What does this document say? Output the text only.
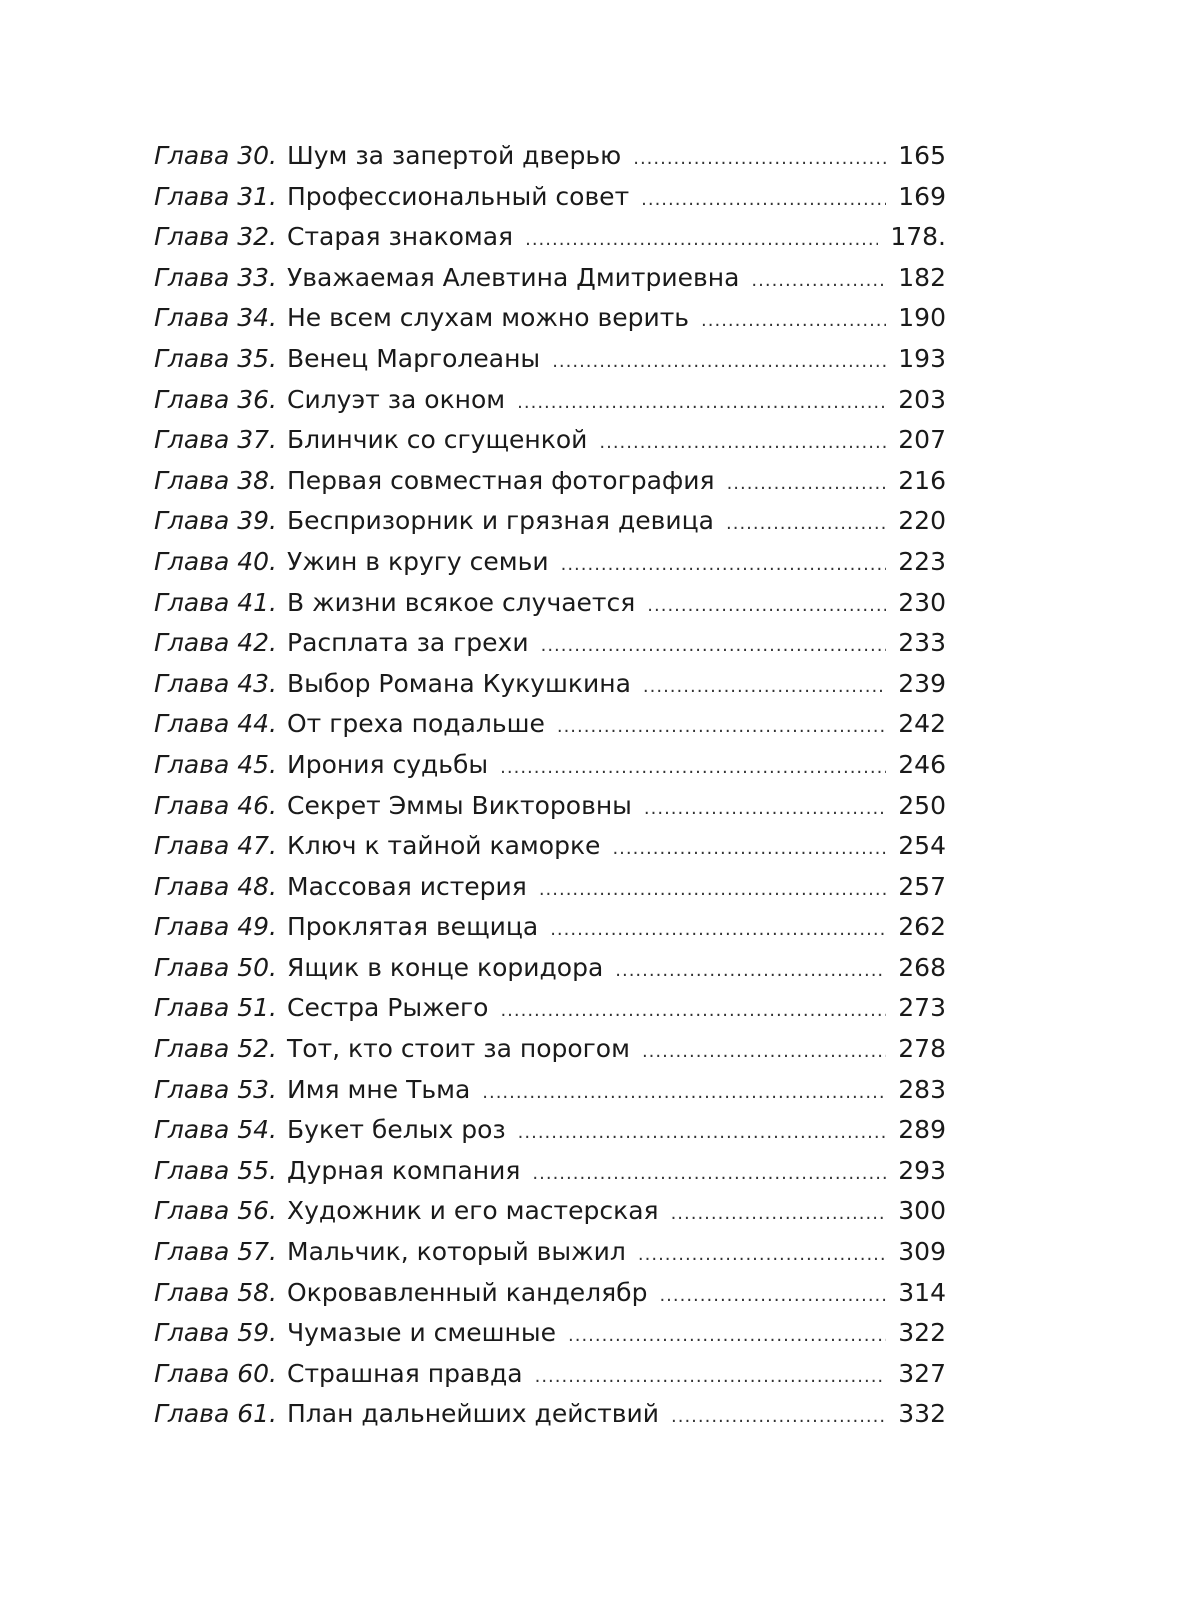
Глава 30. Шум за запертой дверью .....	165
Глава 31. Профессиональный совет .....	169
Глава 32. Старая знакомая .....	178.
Глава 33. Уважаемая Алевтина Дмитриевна .....	182
Глава 34. Не всем слухам можно верить .....	190
Глава 35. Венец Марголеаны .....	193
Глава 36. Силуэт за окном .....	203
Глава 37. Блинчик со сгущенкой .....	207
Глава 38. Первая совместная фотография .....	216
Глава 39. Беспризорник и грязная девица .....	220
Глава 40. Ужин в кругу семьи .....	223
Глава 41. В жизни всякое случается .....	230
Глава 42. Расплата за грехи .....	233
Глава 43. Выбор Романа Кукушкина .....	239
Глава 44. От греха подальше .....	242
Глава 45. Ирония судьбы .....	246
Глава 46. Секрет Эммы Викторовны .....	250
Глава 47. Ключ к тайной каморке .....	254
Глава 48. Массовая истерия .....	257
Глава 49. Проклятая вещица .....	262
Глава 50. Ящик в конце коридора .....	268
Глава 51. Сестра Рыжего .....	273
Глава 52. Тот, кто стоит за порогом .....	278
Глава 53. Имя мне Тьма .....	283
Глава 54. Букет белых роз .....	289
Глава 55. Дурная компания .....	293
Глава 56. Художник и его мастерская .....	300
Глава 57. Мальчик, который выжил .....	309
Глава 58. Окровавленный канделябр .....	314
Глава 59. Чумазые и смешные .....	322
Глава 60. Страшная правда .....	327
Глава 61. План дальнейших действий .....	332
